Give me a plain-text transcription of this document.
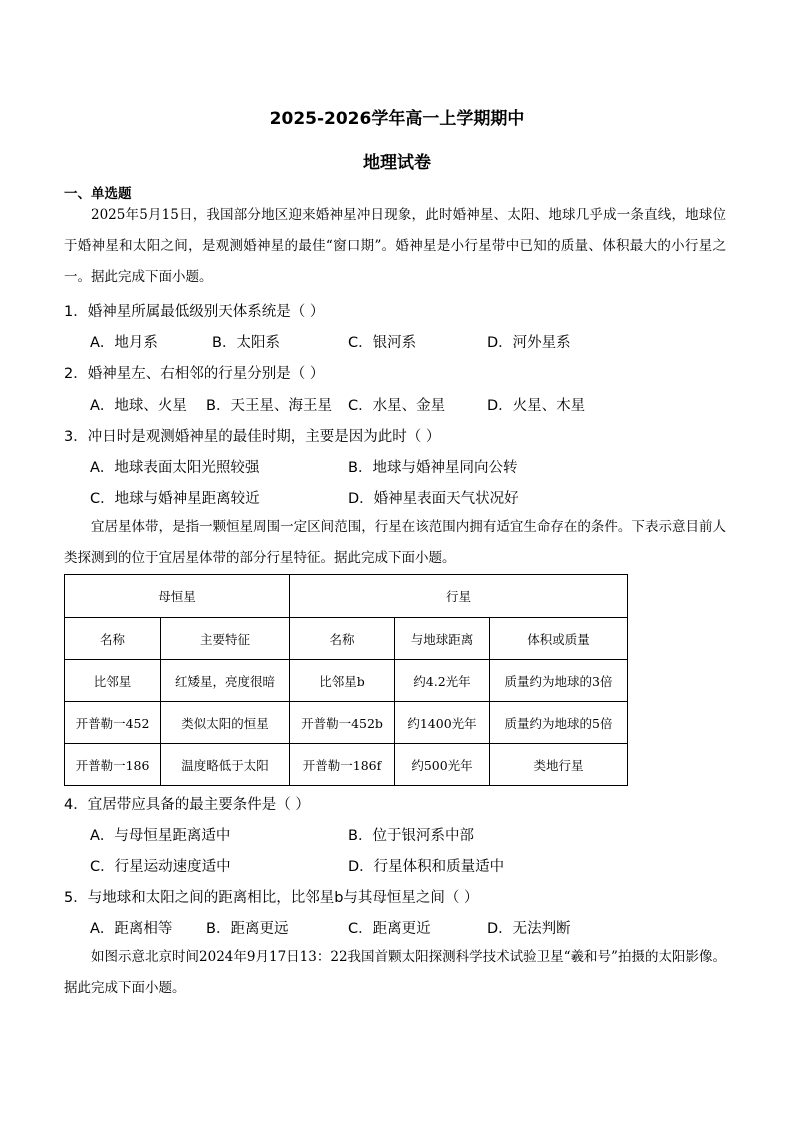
2025-2026学年高一上学期期中
地理试卷
一、单选题
2025年5月15日，我国部分地区迎来婚神星冲日现象，此时婚神星、太阳、地球几乎成一条直线，地球位于婚神星和太阳之间，是观测婚神星的最佳“窗口期”。婚神星是小行星带中已知的质量、体积最大的小行星之一。据此完成下面小题。
1．婚神星所属最低级别天体系统是（ ）
A．地月系	B．太阳系	C．银河系	D．河外星系
2．婚神星左、右相邻的行星分别是（ ）
A．地球、火星 B．天王星、海王星 C．水星、金星	D．火星、木星
3．冲日时是观测婚神星的最佳时期，主要是因为此时（ ）
A．地球表面太阳光照较强	B．地球与婚神星同向公转
C．地球与婚神星距离较近	D．婚神星表面天气状况好
宜居星体带，是指一颗恒星周围一定区间范围，行星在该范围内拥有适宜生命存在的条件。下表示意目前人类探测到的位于宜居星体带的部分行星特征。据此完成下面小题。
母恒星		行星		
名称	主要特征	名称	与地球距离	体积或质量
比邻星	红矮星，亮度很暗	比邻星b	约4.2光年	质量约为地球的3倍
开普勒一452	类似太阳的恒星	开普勒一452b	约1400光年	质量约为地球的5倍
开普勒一186	温度略低于太阳	开普勒一186f	约500光年	类地行星
4．宜居带应具备的最主要条件是（ ）
A．与母恒星距离适中	B．位于银河系中部
C．行星运动速度适中	D．行星体积和质量适中
5．与地球和太阳之间的距离相比，比邻星b与其母恒星之间（ ）
A．距离相等 B．距离更远	C．距离更近	D．无法判断
如图示意北京时间2024年9月17日13：22我国首颗太阳探测科学技术试验卫星“羲和号”拍摄的太阳影像。据此完成下面小题。
